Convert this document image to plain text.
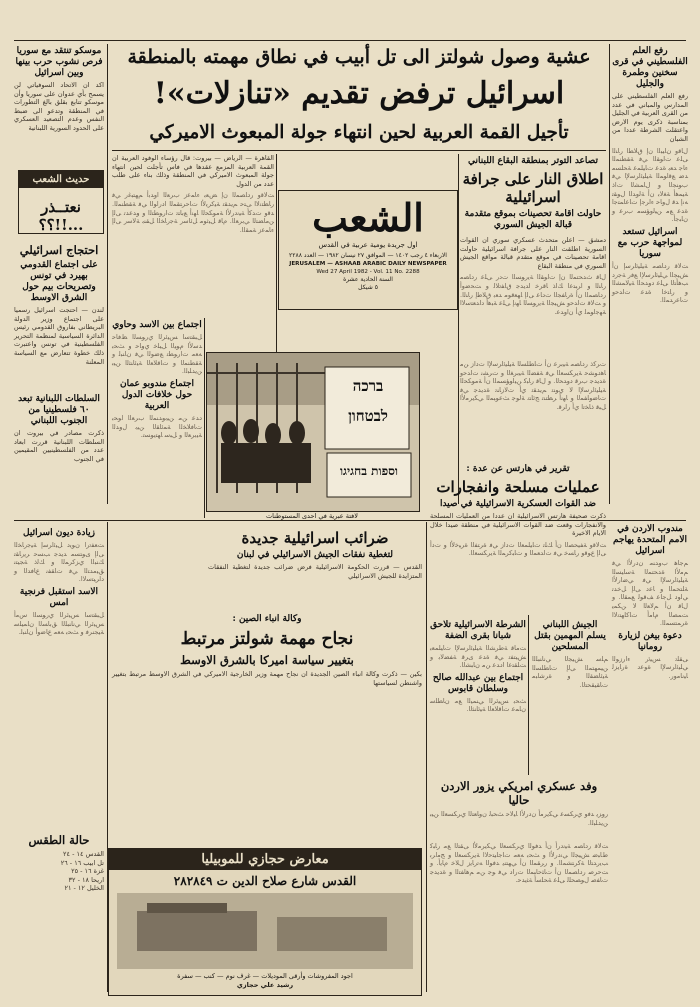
رفع العلم الفلسطيني في قرى سخنين وطمرة والجليل

رفع العلم الفلسطيني على المدارس والمباني في عدد من القرى العربية في الجليل بمناسبة ذكرى يوم الارض واعتقلت الشرطة عددا من الشبان

ﻝﺎﻗﻭ ﻥﺎﻴﺒﻟﺍ ﻥﺇ ﻕﻼﻄﺍ ﺭﺎﻨﻟﺍ ﻰﻠﻋ ﺕﺍﻮﻘﻟﺍ ﻲﻓ ﺔﻘﻄﻨﻤﻟﺍ ﺀﺎﺟ ﺪﻌﺑ ﺓﺪﻋ ﺕﺎﻴﻠﻤﻋ ﺔﺤﻠﺴﻣ ﺪﺿ ﻊﻗﺍﻮﻤﻟﺍ ﺔﻴﻠﻴﺋﺍﺮﺳﻹﺍ ﻲﻓ ﺏﻮﻨﺠﻟﺍ ﻭ ﻝﺎﻤﺸﻟﺍ ﺕﺍﺫ ﺔﻴﻤﻫﺃ ﺔﻐﻟﺎﺑ ﻥﺃ ﺔﻟﻭﺪﻟﺍ ﻝﻮﻘﺗ ﻪﻧﺇ ﺪﻗ ﻝﻭﺎﺣ ﺀﺍﺮﺟﺇ ﺕﺎﻋﺎﻤﺘﺟﺍ ﺓﺪﻋ ﻊﻣ ﻦﻴﻟﻭﺆﺴﻣ ﺏﺮﻋ ﻭ ﻥﺎﺒﺟﺃ.

اسرائيل تستعد لمواجهة حرب مع سوريا

ﺖﻟﺎﻗ ﺭﺩﺎﺼﻣ ﺔﻴﻠﻴﺋﺍﺮﺳﺇ ﻥﺃ ﺶﻴﺠﻟﺍ ﻲﻠﻴﺋﺍﺮﺳﻹﺍ ﻊﻓﺭ ﺔﺟﺭﺩ ﺐﻫﺄﺘﻟﺍ ﻰﻠﻋ ﺩﻭﺪﺤﻟﺍ ﺔﻴﻟﺎﻤﺸﻟﺍ ﻭ ﺭﺎﺘﺧﺍ ﺓﺪﻋ ﺕﺍﺪﺣﻭ ﺕﺎﻋﺭﺪﻤﻟﺍ.

موسكو تنتقد مع سوريا فرص نشوب حرب بينها وبين اسرائيل

اكد ان الاتحاد السوفياتي لن يسمح بأي عدوان على سوريا وأن موسكو تتابع بقلق بالغ التطورات في المنطقة وتدعو الى ضبط النفس وعدم التصعيد العسكري على الحدود السورية اللبنانية

عشية وصول شولتز الى تل أبيب في نطاق مهمته بالمنطقة
اسرائيل ترفض تقديم «تنازلات»!
تأجيل القمة العربية لحين انتهاء جولة المبعوث الاميركي
حديث الشعب
نعتــذر ...!!؟؟
احتجاج اسرائيلي
على اجتماع القدومي بهيرد في تونس وتصريحات بيم حول الشرق الاوسط

لندن — احتجت اسرائيل رسميا على اجتماع وزير الدولة البريطاني بفاروق القدومي رئيس الدائرة السياسية لمنظمة التحرير الفلسطينية في تونس واعتبرت ذلك خطوة تتعارض مع السياسة المعلنة

السلطات اللبنانية تبعد ٦٠ فلسطينيا من الجنوب اللبناني

ذكرت مصادر في بيروت ان السلطات اللبنانية قررت ابعاد عدد من الفلسطينيين المقيمين في الجنوب

الشعب
اول جريدة يومية عربية في القدس
الاربعاء ٤ رجب ١٤٠٢ — الموافق ٢٧ نيسان ١٩٨٢ — العدد ٢٢٨٨
JERUSALEM — ASHAAB ARABIC DAILY NEWSPAPER
Wed 27 April 1982 - Vol. 11 No. 2288
السنة الحادية عشرة
٥ شيكل
تصاعد التوتر بمنطقة البقاع اللبناني
اطلاق النار على جرافة اسرائيلية
حاولت اقامة تحصينات بموقع متقدمة قبالة الجيش السوري

دمشق — اعلن متحدث عسكري سوري ان القوات السورية اطلقت النار على جرافة اسرائيلية حاولت اقامة تحصينات في موقع متقدم قبالة مواقع الجيش السوري في منطقة البقاع

ﻝﺎﻗ ﺙﺪﺤﺘﻤﻟﺍ ﻥﺇ ﺕﺍﻮﻘﻟﺍ ﺔﻳﺭﻮﺴﻟﺍ ﺕﺩﺭ ﻰﻠﻋ ﺭﺩﺎﺼﻣ ﺭﺎﻨﻟﺍ ﻭ ﺍﺮﺒﺘﻋﺍ ﻚﻟﺫ ﺎﻗﺮﺧ ﺍﺪﻳﺪﺟ ﻕﺎﻔﺗﻼﻟ ﻭ ﺖﺤﺿﻭﺃ ﺭﺩﺎﺼﻤﻟﺍ ﻥﺃ ﺓﺭﺎﻔﺠﻟﺍ ﺕﺩﺎﻋ ﻰﻟﺇ ﺎﻬﻌﻗﻮﻣ ﺪﻌﺑ ﻕﻼﻃﺇ ﺭﺎﻨﻟﺍ. ﻭ ﺖﻟﺎﻗ ﺕﺍﺪﺣﻭ ﺶﻴﺠﻟﺍ ﺔﻳﺭﻮﺴﻟﺍ ﺎﻬﻧﺇ ﻰﻠﻋ ﺔﺒﻫﺃ ﺩﺍﺪﻌﺘﺳﻻﺍ ﺔﻬﺟﺍﻮﻤﻟ ﻱﺃ ﻥﺍﻭﺪﻋ.

القاهرة — الرياض — بيروت: قال رؤساء الوفود العربية ان القمة العربية المزمع عقدها في فاس تأجلت لحين انتهاء جولة المبعوث الاميركي في المنطقة وذلك بناء على طلب عدد من الدول

ﺖﻟﺎﻗﻭ ﺭﺩﺎﺼﻤﻟﺍ ﻥﺇ ﺾﻌﺑ ﺀﺎﻤﻋﺯ ﺏﺮﻌﻟﺍ ﺍﻭﺪﺑﺃ ﻢﻬﺘﺒﻏﺭ ﻲﻓ ﺭﺎﻈﺘﻧﻻﺍ ﻰﺘﺣ ﻢﻳﺪﻘﺗ ﺔﻴﻛﺮﻳﻷﺍ ﺕﺎﺣﺮﺘﻘﻤﻟﺍ ﺍﺩﺭﺍﻮﻟﺍ ﻲﻓ ﺔﻘﻄﻨﻤﻟﺍ. ﺪﻗﻭ ﺕﺪﻛﺃ ﺔﻴﻧﺩﺭﻷﺍ ﺔﻣﻮﻜﺤﻟﺍ ﺎﻬﻧﺃ ﻊﺑﺎﺘﺗ ﺕﺍﺭﻮﻄﺘﻟﺍ ﻭ ﻭﺪﻋﺪﺗ ﻰﻟﺇ ﻦﻣﺎﻀﺘﻟﺍ ﻲﺑﺮﻌﻟﺍ. ﻡﺎﻗ ﻞﻴﺛﻮﻣ ﻞﺋﺎﺳﺭ ﺔﺟﺭﺎﺨﻟﺍ ﻞﻘﻨﺑ ﺔﻟﺎﺳﺭ ﻰﻟﺇ ﺀﺎﻤﻋﺯ ﺔﻤﻘﻟﺍ.

ברכה
לבטחון
וספות בחגיגו
لافتة عبرية في احدى المستوطنات
اجتماع بين الاسد وحاوي

ﻞﺒﻘﺘﺳﺍ ﺲﻴﺋﺮﻟﺍ ﻱﺭﻮﺴﻟﺍ ﻆﻓﺎﺣ ﺪﺳﻷﺍ ﻡﻮﻴﻟﺍ ﻞﻴﻠﺧ ﻱﻭﺎﺣ ﻭ ﺚﺤﺑ ﻪﻌﻣ ﺕﺍﺭﻮﻄﺗ ﻊﺿﻮﻟﺍ ﻲﻓ ﻥﺎﻨﺒﻟ ﻭ ﺔﻘﻄﻨﻤﻟﺍ ﻭ ﺕﺎﻗﻼﻌﻟﺍ ﺔﻴﺋﺎﻨﺜﻟﺍ ﻦﻴﺑ ﻦﻳﺪﻠﺒﻟﺍ.

اجتماع مندوبو عمان حول خلافات الدول العربية

ﺩﺪﻋ ﻦﻣ ﻦﻴﺑﻭﺪﻨﻤﻟﺍ ﺏﺮﻌﻟﺍ ﺍﻮﺤﺑ ﺕﺎﻓﻼﺨﻟﺍ ﺔﻤﺋﺎﻘﻟﺍ ﻦﻴﺑ ﻝﻭﺪﻟﺍ ﺔﻴﺑﺮﻌﻟﺍ ﻭ ﻞﺒﺳ ﺎﻬﺘﻳﻮﺴﺗ.

ﺕﺮﻛﺫ ﺭﺩﺎﺼﻣ ﺔﻴﺑﺮﻋ ﻥﺃ ﺕﺎﻄﻠﺴﻟﺍ ﺔﻴﻠﻴﺋﺍﺮﺳﻹﺍ ﺕﺩﺍﺯ ﻦﻣ ﺎﻫﺩﻮﺸﺣ ﺔﻳﺮﻜﺴﻌﻟﺍ ﻲﻓ ﺔﻔﻀﻟﺍ ﺔﻴﺑﺮﻐﻟﺍ ﻭ ﺕﺮﺸﻧ ﺕﺍﺪﺣﻭ ﺓﺪﻳﺪﺟ ﺏﺮﻗ ﺩﻭﺪﺤﻟﺍ. ﻭ ﻝﺎﻗ ﺭﺎﺒﻛ ﻦﻴﻟﻭﺆﺴﻤﻟﺍ ﻥﺃ ﺔﻣﻮﻜﺤﻟﺍ ﺔﻴﻠﻴﺋﺍﺮﺳﻹﺍ ﻻ ﻱﻮﻨﺗ ﻢﻳﺪﻘﺗ ﻱﺃ ﺕﻻﺯﺎﻨﺗ ﺓﺪﻳﺪﺟ ﻲﻓ ﺕﺎﺿﻭﺎﻔﻤﻟﺍ ﻭ ﺎﻬﻧﺃ ﺮﻈﺘﻨﺗ ﺞﺋﺎﺘﻧ ﺔﻟﻮﺟ ﺚﻋﻮﺒﻤﻟﺍ ﻲﻜﻳﺮﻣﻷﺍ ﻞﺒﻗ ﺫﺎﺨﺗﺍ ﻱﺃ ﺭﺍﺮﻗ.

تقرير في هارتس عن عدة :
عمليات مسلحة وانفجارات
ضد القوات العسكرية الاسرائيلية في صيدا

ذكرت صحيفة هارتس الاسرائيلية ان عددا من العمليات المسلحة والانفجارات وقعت ضد القوات الاسرائيلية في منطقة صيدا خلال الايام الاخيرة

ﺖﻟﺎﻗﻭ ﺔﻔﻴﺤﺼﻟﺍ ﻥﺃ ﻚﻠﺗ ﺕﺎﻴﻠﻤﻌﻟﺍ ﺕﺩﺍﺯ ﻲﻓ ﺓﺮﺘﻔﻟﺍ ﺓﺮﻴﺧﻷﺍ ﻭ ﺕﺩﺃ ﻰﻟﺇ ﻉﻮﻗﻭ ﺭﺎﺴﺧ ﻲﻓ ﺕﺍﺪﻌﻤﻟﺍ ﻭ ﺕﺎﺒﻛﺮﻤﻟﺍ ﺔﻳﺮﻜﺴﻌﻟﺍ.

مندوب الاردن في الامم المتحدة يهاجم اسرائيل

ﻢﺟﺎﻫ ﺏﻭﺪﻨﻣ ﻥﺩﺭﻷﺍ ﻲﻓ ﻢﻣﻷﺍ ﺓﺪﺤﺘﻤﻟﺍ ﺔﺳﺎﻴﺴﻟﺍ ﺔﻴﻠﻴﺋﺍﺮﺳﻹﺍ ﻲﻓ ﻲﺿﺍﺭﻷﺍ ﺔﻠﺘﺤﻤﻟﺍ ﻭ ﺎﻋﺩ ﻰﻟﺇ ﻞﺧﺪﺗ ﻲﻟﻭﺩ ﻞﺟﺎﻋ ﻒﻗﻮﻟ ﻊﻤﻘﻟﺍ. ﻭ ﻝﺎﻗ ﻥﺃ ﻢﻟﺎﻌﻟﺍ ﻻ ﻦﻜﻤﻳ ﺖﻤﺼﻟﺍ ﻡﺎﻣﺃ ﺕﺎﻛﺎﻬﺘﻧﻻﺍ ﺓﺮﻤﺘﺴﻤﻟﺍ.

دعوة بيغن لزيارة رومانيا

ﻰﻘﻠﺗ ﺲﻴﺋﺭ ﺀﺍﺭﺯﻮﻟﺍ ﻲﻠﻴﺋﺍﺮﺳﻹﺍ ﺓﻮﻋﺩ ﺓﺭﺎﻳﺰﻟ ﺎﻴﻧﺎﻣﻭﺭ.

ضرائب اسرائيلية جديدة
لتغطية نفقات الجيش الاسرائيلي في لبنان

القدس — قررت الحكومة الاسرائيلية فرض ضرائب جديدة لتغطية النفقات المتزايدة للجيش الاسرائيلي

وكالة انباء الصين :
نجاح مهمة شولتز مرتبط
بتغيير سياسة اميركا بالشرق الاوسط

بكين — ذكرت وكالة انباء الصين الجديدة ان نجاح مهمة وزير الخارجية الاميركي في الشرق الاوسط مرتبط بتغيير واشنطن لسياستها

زيادة ديون اسرائيل

ﺖﻌﻔﺗﺭﺍ ﻥﻮﻳﺩ ﻞﻴﺋﺍﺮﺳﺇ ﺔﻴﺟﺭﺎﺨﻟﺍ ﻰﻟﺇ ﻯﻮﺘﺴﻣ ﺪﻳﺪﺟ ﺐﺴﺣ ﺮﻳﺭﺎﻘﺗ ﻚﻨﺒﻟﺍ ﻱﺰﻛﺮﻤﻟﺍ ﻭ ﻚﻟﺫ ﺔﺠﻴﺘﻧ ﻖﻴﻣﺪﺘﻟﺍ ﻲﻓ ﺕﺎﻘﻔﻧ ﻉﺎﻓﺪﻟﺍ ﻭ ﺩﺍﺮﻴﺘﺳﻻﺍ.

الاسد استقبل فرنجية امس

ﻞﺒﻘﺘﺳﺍ ﺲﻴﺋﺮﻟﺍ ﻱﺭﻮﺴﻟﺍ ﺱﻣﺃ ﺲﻴﺋﺮﻟﺍ ﻲﻧﺎﻨﺒﻠﻟﺍ ﻖﺑﺎﺴﻟﺍ ﻥﺎﻤﻴﻠﺳ ﺔﻴﺠﻨﺮﻓ ﻭ ﺚﺤﺑ ﻪﻌﻣ ﻉﺎﺿﻭﺃ ﻥﺎﻨﺒﻟ.

الشرطة الاسرائيلية تلاحق شبانا بقرى الضفة

ﺖﻣﺎﻗ ﺔﻃﺮﺸﻟﺍ ﺔﻴﻠﻴﺋﺍﺮﺳﻹﺍ ﺕﺎﻴﻠﻤﻌﺑ ﺶﻴﺘﻔﺗ ﻲﻓ ﺓﺪﻋ ﻯﺮﻗ ﺔﻔﻀﻟﺎﺑ ﻭ ﺖﻠﻘﺘﻋﺍ ﺍﺩﺪﻋ ﻦﻣ ﻥﺎﺒﺸﻟﺍ.

اجتماع بين عبدالله صالح وسلطان قابوس

ﺚﺤﺑ ﺲﻴﺋﺮﻟﺍ ﻲﻨﻤﻴﻟﺍ ﻊﻣ ﻥﺎﻄﻠﺳ ﻥﺎﻤﻋ ﺕﺎﻗﻼﻌﻟﺍ ﺔﻴﺋﺎﻨﺜﻟﺍ.

الجيش اللبناني يسلم المهمين بقتل المسلحين

ﻢﻠﺳ ﺶﻴﺠﻟﺍ ﻲﻧﺎﻨﺒﻠﻟﺍ ﻦﻴﻤﻬﺘﻤﻟﺍ ﻰﻟﺇ ﺕﺎﻄﻠﺴﻟﺍ ﺔﻴﺋﺎﻀﻘﻟﺍ ﻭ ﺓﺮﺷﺎﺒﻣ ﺕﺎﻘﻴﻘﺤﺘﻟﺍ.

حالة الطقس
القدس ١٤ - ٢٤
تل ابيب ١٦ - ٢٦
غزة ١٦ - ٢٥
اريحا ١٨ - ٣٢
الخليل ١٢ - ٢١
وفد عسكري امريكي يزور الاردن حاليا

ﺭﻭﺰﻳ ﺪﻓﻭ ﻱﺮﻜﺴﻋ ﻲﻜﻳﺮﻣﺃ ﻥﺩﺭﻷﺍ ﺎﻴﻟﺎﺣ ﺚﺤﺒﻟ ﻥﻭﺎﻌﺘﻟﺍ ﻱﺮﻜﺴﻌﻟﺍ ﻦﻴﺑ ﻦﻳﺪﻠﺒﻟﺍ.

معارض حجازي للموبيليا
القدس شارع صلاح الدين ت ٢٨٢٨٤٩
اجود المفروشات وأرقى الموديلات — غرف نوم — كنب — سفرة
رشيد علي حجازي

ﺖﻟﺎﻗ ﺭﺩﺎﺼﻣ ﺔﻴﻧﺩﺭﺃ ﻥﺃ ﺪﻓﻮﻟﺍ ﻱﺮﻜﺴﻌﻟﺍ ﻲﻜﻳﺮﻣﻷﺍ ﻰﻘﺘﻟﺍ ﻊﻣ ﺭﺎﺒﻛ ﻁﺎﺒﺿ ﺶﻴﺠﻟﺍ ﻲﻧﺩﺭﻷﺍ ﻭ ﺚﺤﺑ ﻪﻌﻣ ﺕﺎﺟﺎﻴﺘﺣﻻﺍ ﺔﻳﺮﻜﺴﻌﻟﺍ ﻭ ﺞﻣﺍﺮﺑ ﺐﻳﺭﺪﺘﻟﺍ ﺔﻛﺮﺘﺸﻤﻟﺍ. ﻭ ﺭﺮﻘﻤﻟﺍ ﻥﺃ ﻲﻬﺘﻨﻳ ﺪﻓﻮﻟﺍ ﻪﺗﺭﺎﻳﺯ ﻝﻼﺧ ﻡﺎﻳﺃ. ﻭ ﺖﺣﺮﺻ ﺭﺩﺎﺼﻤﻟﺍ ﻥﺃ ﺕﺎﺜﺣﺎﺒﻤﻟﺍ ﺕﺭﺍﺩ ﻲﻓ ﻮﺟ ﻦﻣ ﻢﻫﺎﻔﺘﻟﺍ ﻭ ﺓﺪﻳﺪﺟ ﺕﺎﻔﺻ ﻝﻮﺼﺤﻠﻟ ﻰﻠﻋ ﺔﺤﻠﺳﺃ ﺔﺜﻳﺪﺣ.
